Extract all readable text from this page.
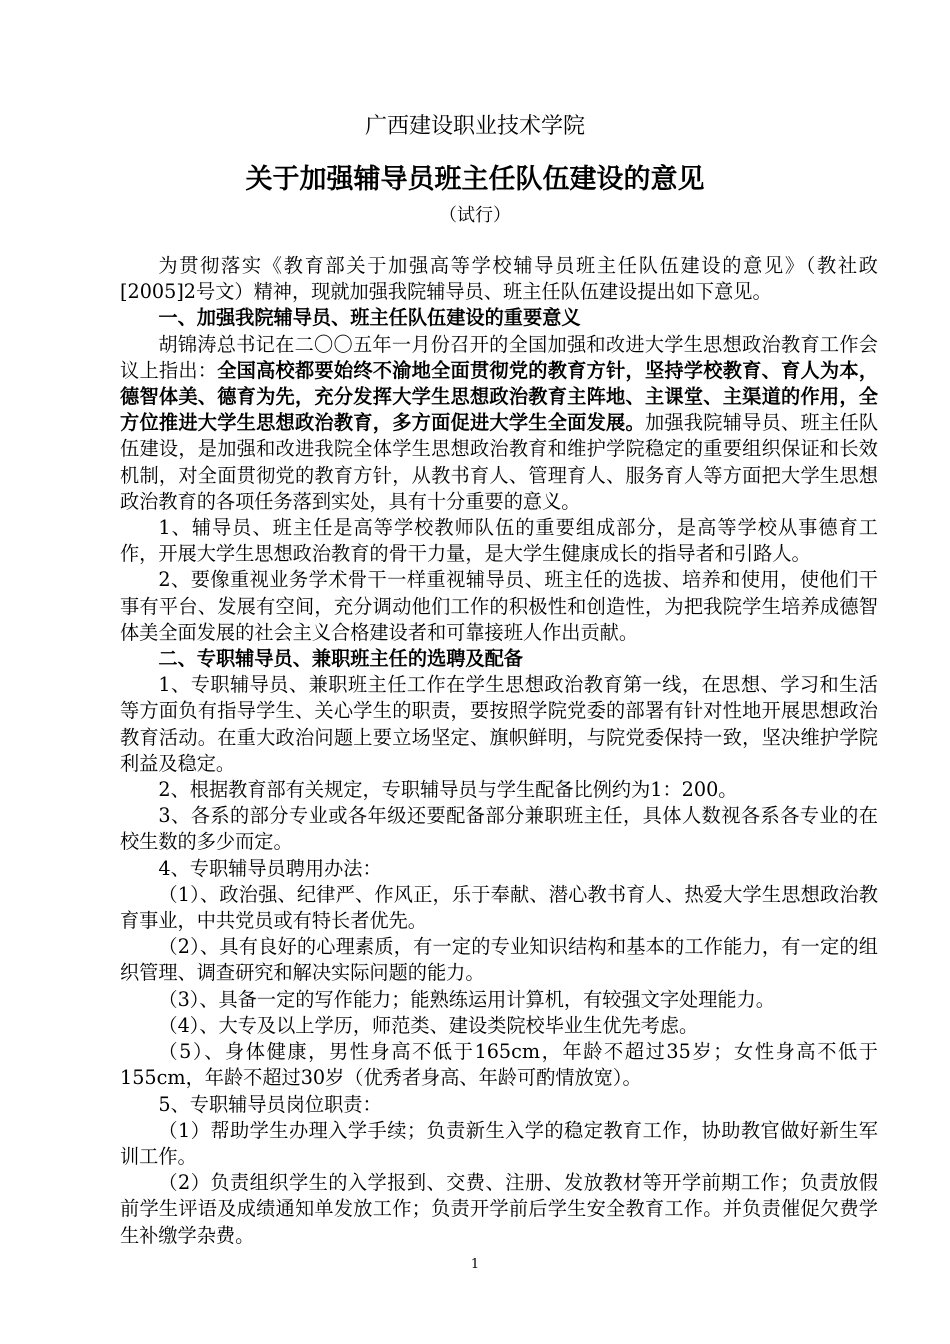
广西建设职业技术学院
关于加强辅导员班主任队伍建设的意见
（试行）

为贯彻落实《教育部关于加强高等学校辅导员班主任队伍建设的意见》（教社政[2005]2号文）精神，现就加强我院辅导员、班主任队伍建设提出如下意见。

一、加强我院辅导员、班主任队伍建设的重要意义

胡锦涛总书记在二〇〇五年一月份召开的全国加强和改进大学生思想政治教育工作会议上指出：全国高校都要始终不渝地全面贯彻党的教育方针，坚持学校教育、育人为本，德智体美、德育为先，充分发挥大学生思想政治教育主阵地、主课堂、主渠道的作用，全方位推进大学生思想政治教育，多方面促进大学生全面发展。加强我院辅导员、班主任队伍建设，是加强和改进我院全体学生思想政治教育和维护学院稳定的重要组织保证和长效机制，对全面贯彻党的教育方针，从教书育人、管理育人、服务育人等方面把大学生思想政治教育的各项任务落到实处，具有十分重要的意义。

1、辅导员、班主任是高等学校教师队伍的重要组成部分，是高等学校从事德育工作，开展大学生思想政治教育的骨干力量，是大学生健康成长的指导者和引路人。

2、要像重视业务学术骨干一样重视辅导员、班主任的选拔、培养和使用，使他们干事有平台、发展有空间，充分调动他们工作的积极性和创造性，为把我院学生培养成德智体美全面发展的社会主义合格建设者和可靠接班人作出贡献。

二、专职辅导员、兼职班主任的选聘及配备

1、专职辅导员、兼职班主任工作在学生思想政治教育第一线，在思想、学习和生活等方面负有指导学生、关心学生的职责，要按照学院党委的部署有针对性地开展思想政治教育活动。在重大政治问题上要立场坚定、旗帜鲜明，与院党委保持一致，坚决维护学院利益及稳定。

2、根据教育部有关规定，专职辅导员与学生配备比例约为1：200。

3、各系的部分专业或各年级还要配备部分兼职班主任，具体人数视各系各专业的在校生数的多少而定。

4、专职辅导员聘用办法：

（1）、政治强、纪律严、作风正，乐于奉献、潜心教书育人、热爱大学生思想政治教育事业，中共党员或有特长者优先。

（2）、具有良好的心理素质，有一定的专业知识结构和基本的工作能力，有一定的组织管理、调查研究和解决实际问题的能力。

（3）、具备一定的写作能力；能熟练运用计算机，有较强文字处理能力。

（4）、大专及以上学历，师范类、建设类院校毕业生优先考虑。

（5）、身体健康，男性身高不低于165cm，年龄不超过35岁；女性身高不低于155cm，年龄不超过30岁（优秀者身高、年龄可酌情放宽）。

5、专职辅导员岗位职责：

（1）帮助学生办理入学手续；负责新生入学的稳定教育工作，协助教官做好新生军训工作。

（2）负责组织学生的入学报到、交费、注册、发放教材等开学前期工作；负责放假前学生评语及成绩通知单发放工作；负责开学前后学生安全教育工作。并负责催促欠费学生补缴学杂费。

1
